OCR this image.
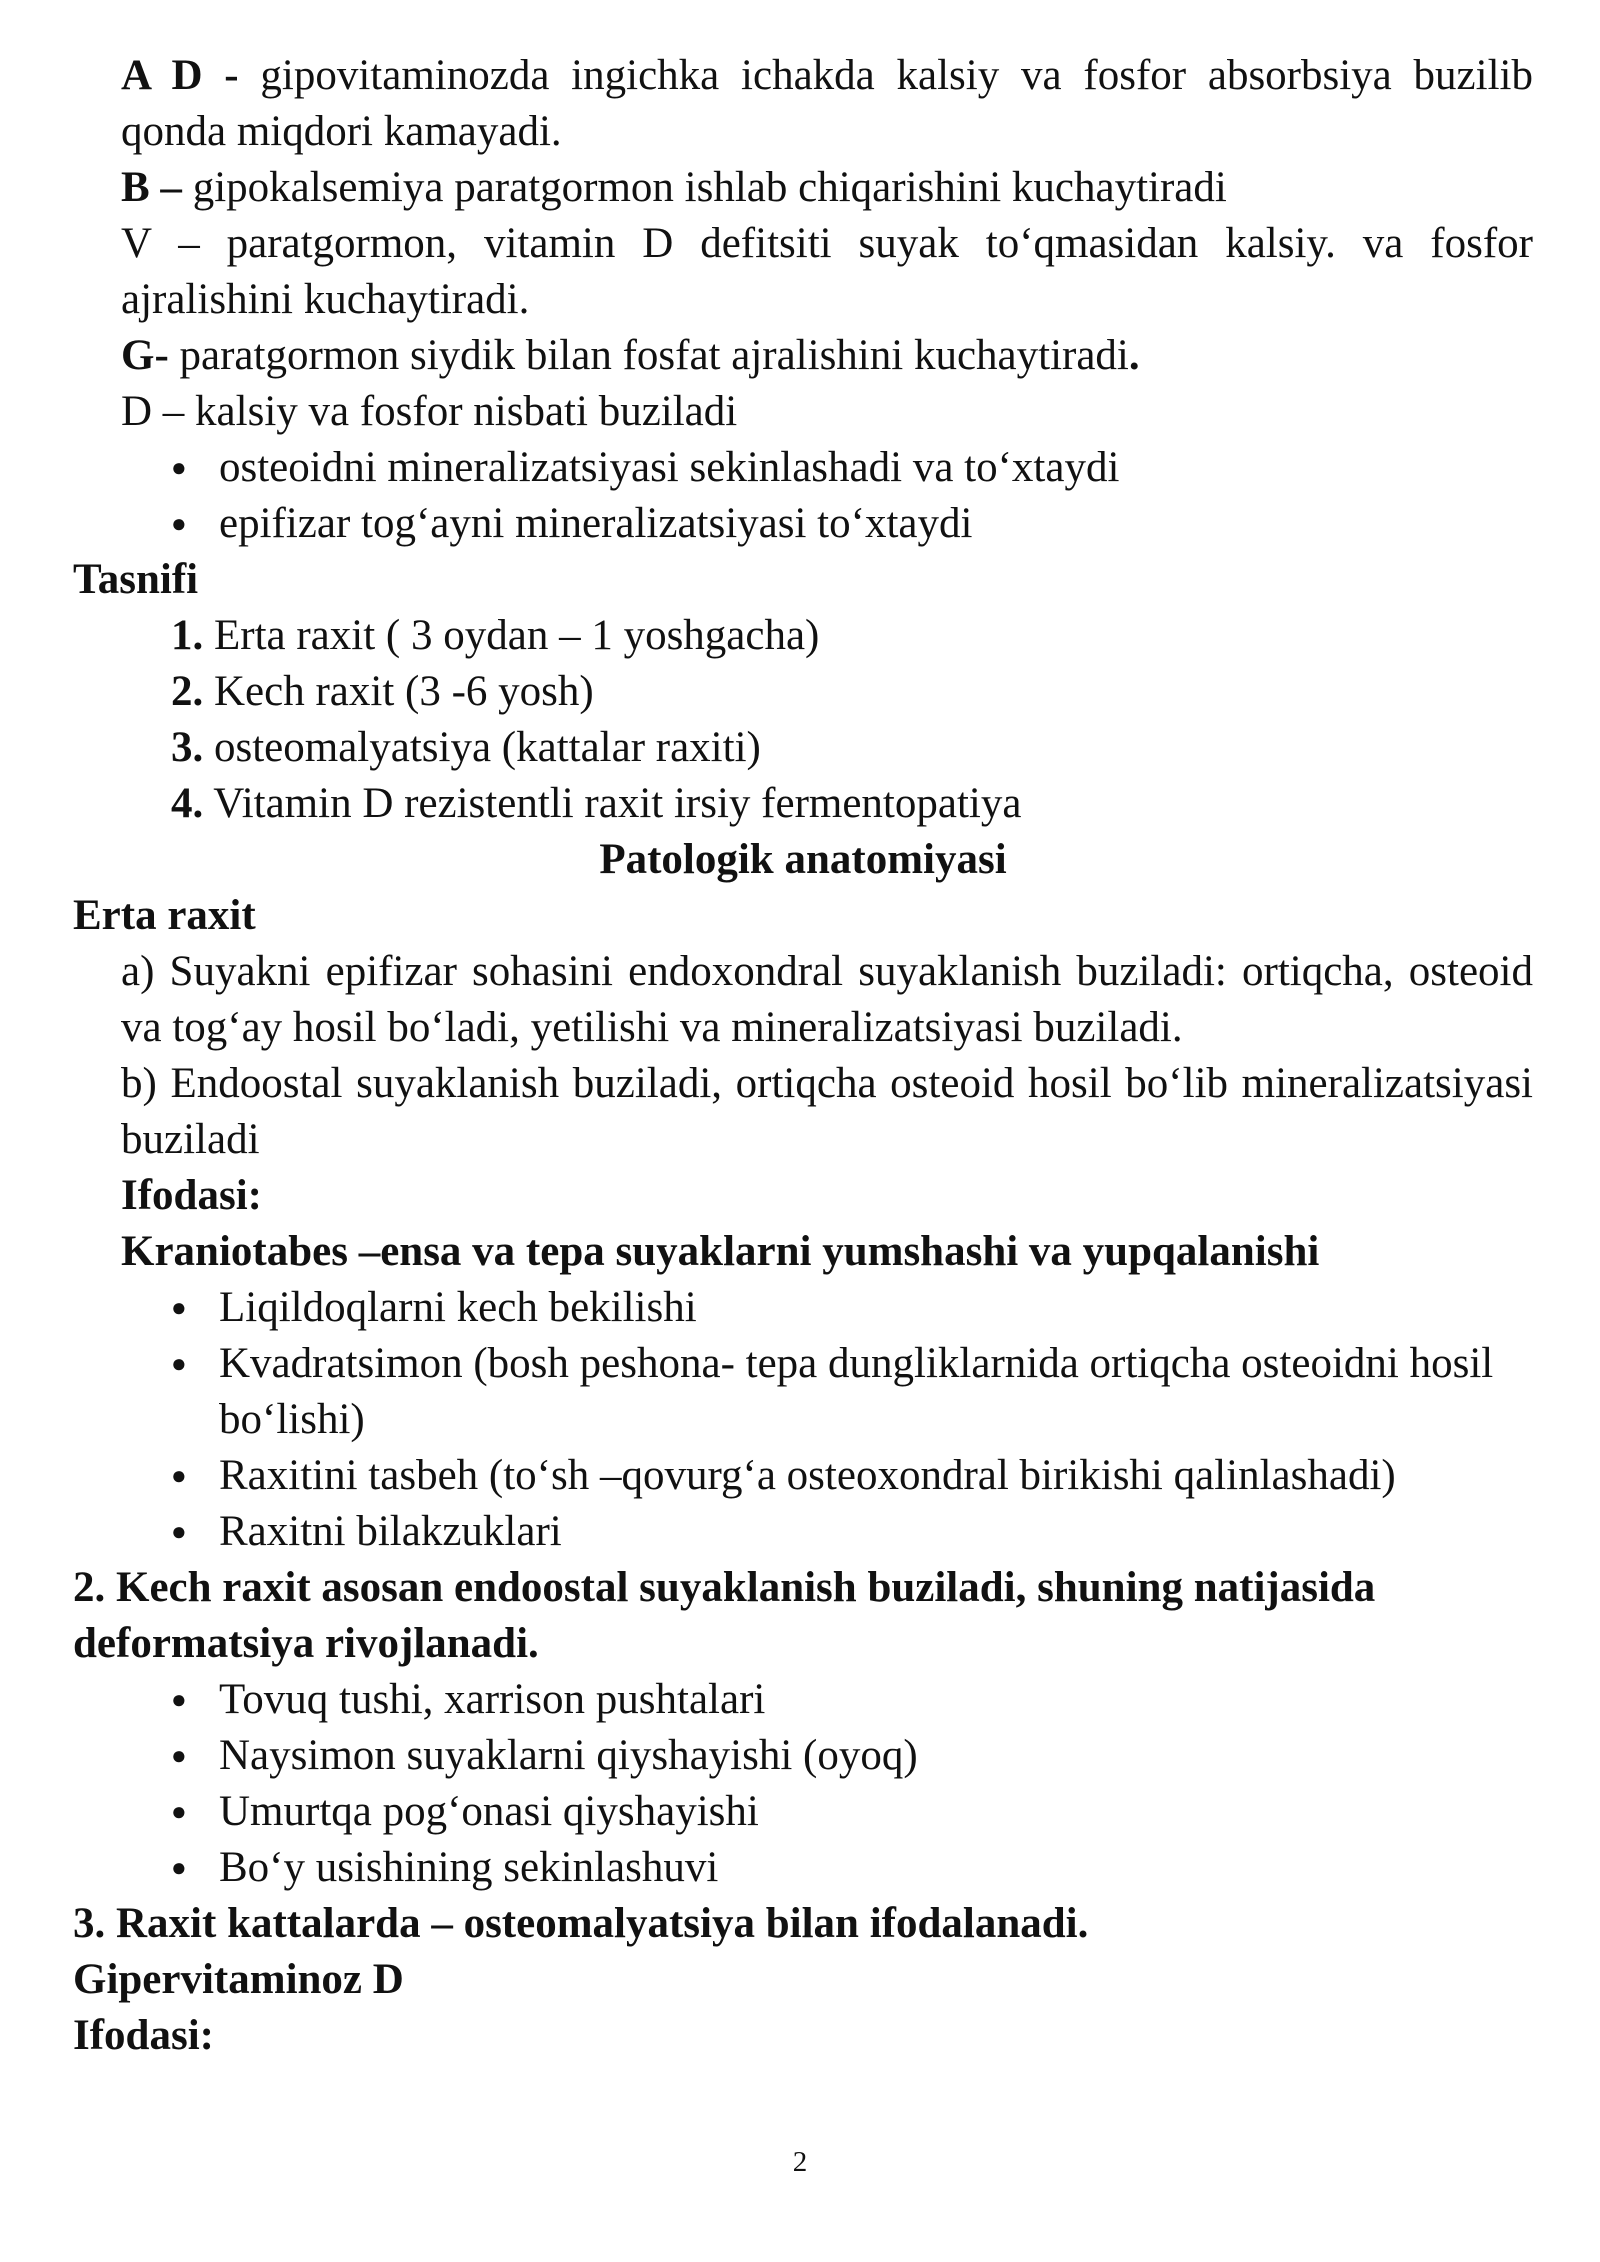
A D - gipovitaminozda ingichka ichakda kalsiy va fosfor absorbsiya buzilib qonda miqdori kamayadi.

B – gipokalsemiya paratgormon ishlab chiqarishini kuchaytiradi

V – paratgormon, vitamin D defitsiti suyak to‘qmasidan kalsiy. va fosfor ajralishini kuchaytiradi.

G- paratgormon siydik bilan fosfat ajralishini kuchaytiradi.

D – kalsiy va fosfor nisbati buziladi

● osteoidni mineralizatsiyasi sekinlashadi va to‘xtaydi
● epifizar tog‘ayni mineralizatsiyasi to‘xtaydi

Tasnifi

1. Erta raxit ( 3 oydan – 1 yoshgacha)
2. Kech raxit (3 -6 yosh)
3. osteomalyatsiya (kattalar raxiti)
4. Vitamin D rezistentli raxit irsiy fermentopatiya

Patologik anatomiyasi

Erta raxit

a) Suyakni epifizar sohasini endoxondral suyaklanish buziladi: ortiqcha, osteoid va tog‘ay hosil bo‘ladi, yetilishi va mineralizatsiyasi buziladi.

b) Endoostal suyaklanish buziladi, ortiqcha osteoid hosil bo‘lib mineralizatsiyasi buziladi

Ifodasi:

Kraniotabes –ensa va tepa suyaklarni yumshashi va yupqalanishi

● Liqildoqlarni kech bekilishi
● Kvadratsimon (bosh peshona- tepa dungliklarnida ortiqcha osteoidni hosil bo‘lishi)
● Raxitini tasbeh (to‘sh –qovurg‘a osteoxondral birikishi qalinlashadi)
● Raxitni bilakzuklari

2. Kech raxit asosan endoostal suyaklanish buziladi, shuning natijasida deformatsiya rivojlanadi.

● Tovuq tushi, xarrison pushtalari
● Naysimon suyaklarni qiyshayishi (oyoq)
● Umurtqa pog‘onasi qiyshayishi
● Bo‘y usishining sekinlashuvi

3. Raxit kattalarda – osteomalyatsiya bilan ifodalanadi.

Gipervitaminoz D

Ifodasi:

2
